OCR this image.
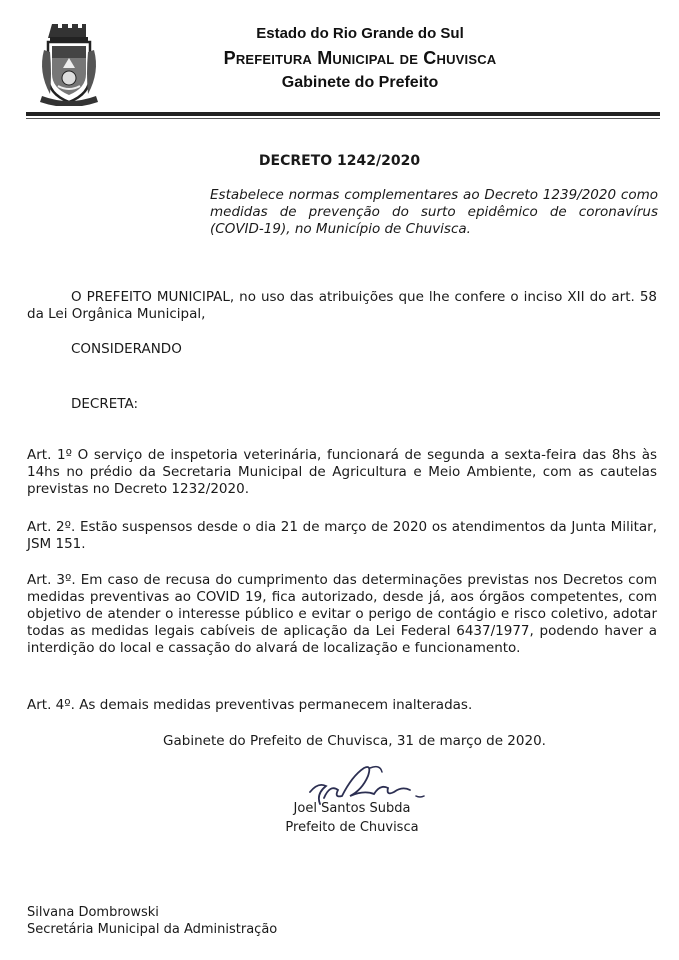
Estado do Rio Grande do Sul
Prefeitura Municipal de Chuvisca
Gabinete do Prefeito
DECRETO 1242/2020
Estabelece normas complementares ao Decreto 1239/2020 como medidas de prevenção do surto epidêmico de coronavírus (COVID-19), no Município de Chuvisca.
O PREFEITO MUNICIPAL, no uso das atribuições que lhe confere o inciso XII do art. 58 da Lei Orgânica Municipal,
CONSIDERANDO
DECRETA:
Art. 1º O serviço de inspetoria veterinária, funcionará de segunda a sexta-feira das 8hs às 14hs no prédio da Secretaria Municipal de Agricultura e Meio Ambiente, com as cautelas previstas no Decreto 1232/2020.
Art. 2º. Estão suspensos desde o dia 21 de março de 2020 os atendimentos da Junta Militar, JSM 151.
Art. 3º. Em caso de recusa do cumprimento das determinações previstas nos Decretos com medidas preventivas ao COVID 19, fica autorizado, desde já, aos órgãos competentes, com objetivo de atender o interesse público e evitar o perigo de contágio e risco coletivo, adotar todas as medidas legais cabíveis de aplicação da Lei Federal 6437/1977, podendo haver a interdição do local e cassação do alvará de localização e funcionamento.
Art. 4º. As demais medidas preventivas permanecem inalteradas.
Gabinete do Prefeito de Chuvisca, 31 de março de 2020.
Joel Santos Subda
Prefeito de Chuvisca
Silvana Dombrowski
Secretária Municipal da Administração
